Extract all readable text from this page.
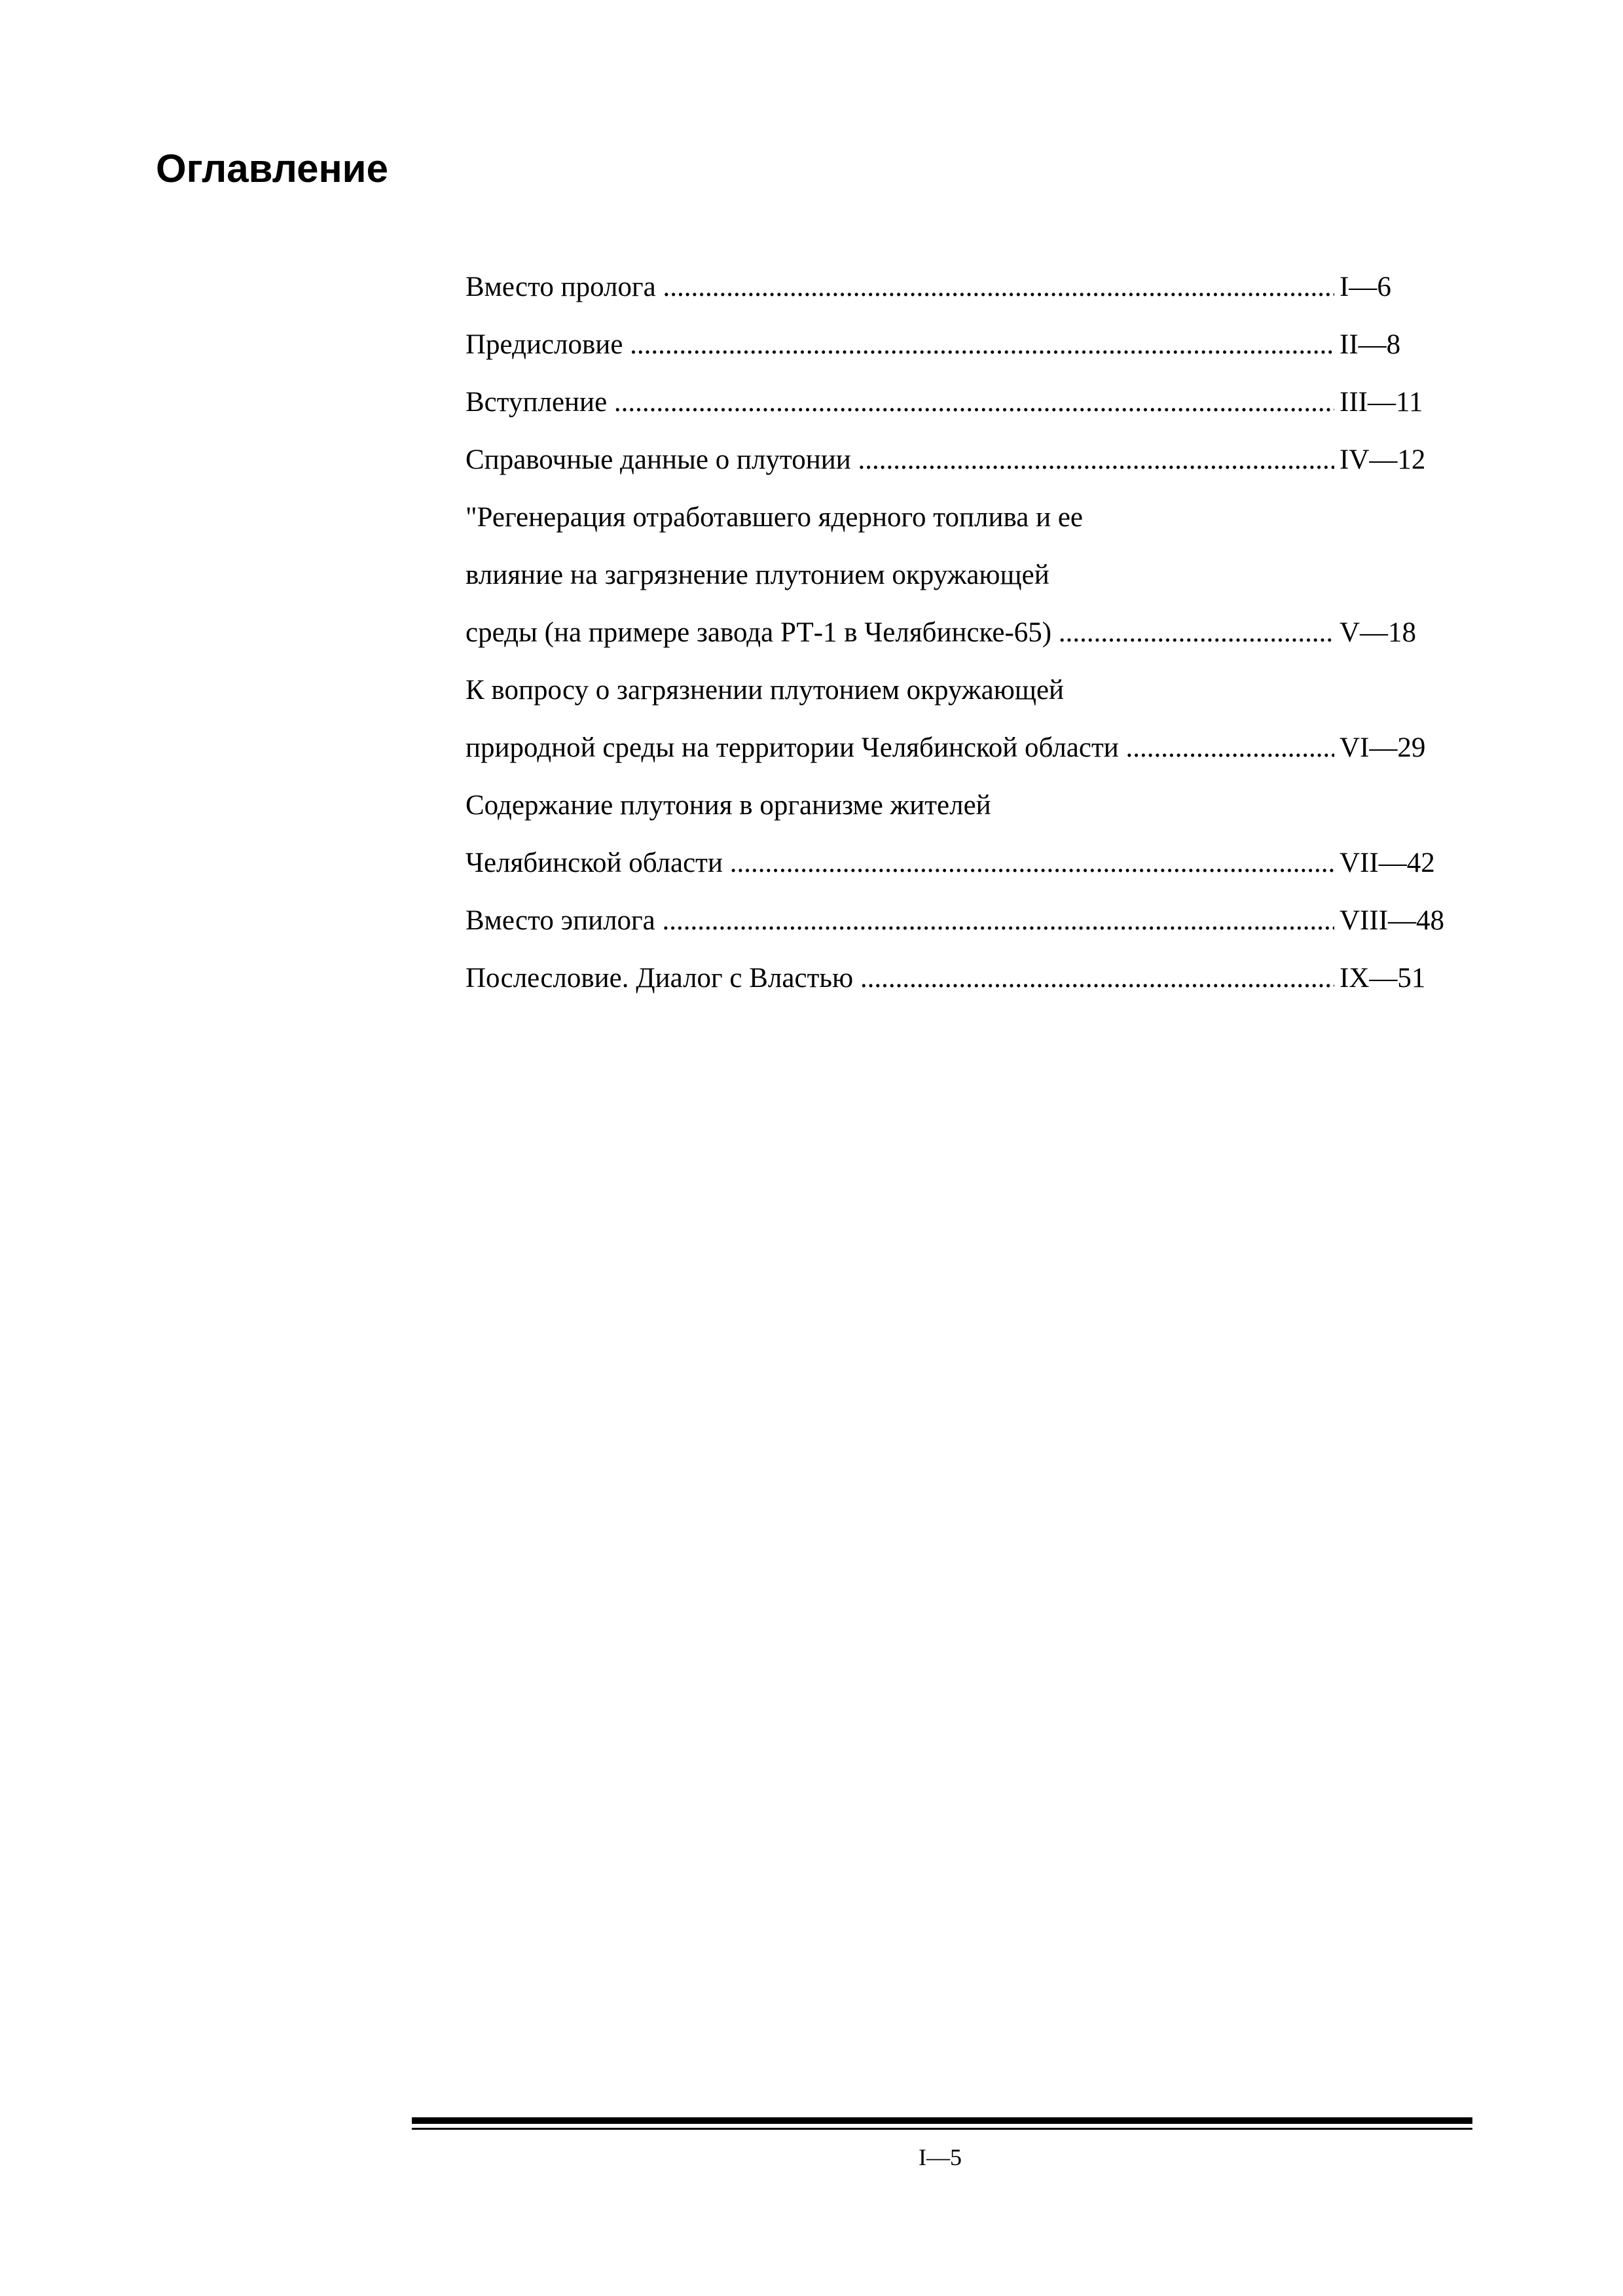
Оглавление
Вместо пролога .....	I—6
Предисловие .....	II—8
Вступление .....	III—11
Справочные данные о плутонии .....	IV—12
"Регенерация отработавшего ядерного топлива и ее
влияние на загрязнение плутонием окружающей
среды (на примере завода РТ-1 в Челябинске-65) .....	V—18
К вопросу о загрязнении плутонием окружающей
природной среды на территории Челябинской области .....	VI—29
Содержание плутония в организме жителей
Челябинской области .....	VII—42
Вместо эпилога .....	VIII—48
Послесловие. Диалог с Властью .....	IX—51
I—5
